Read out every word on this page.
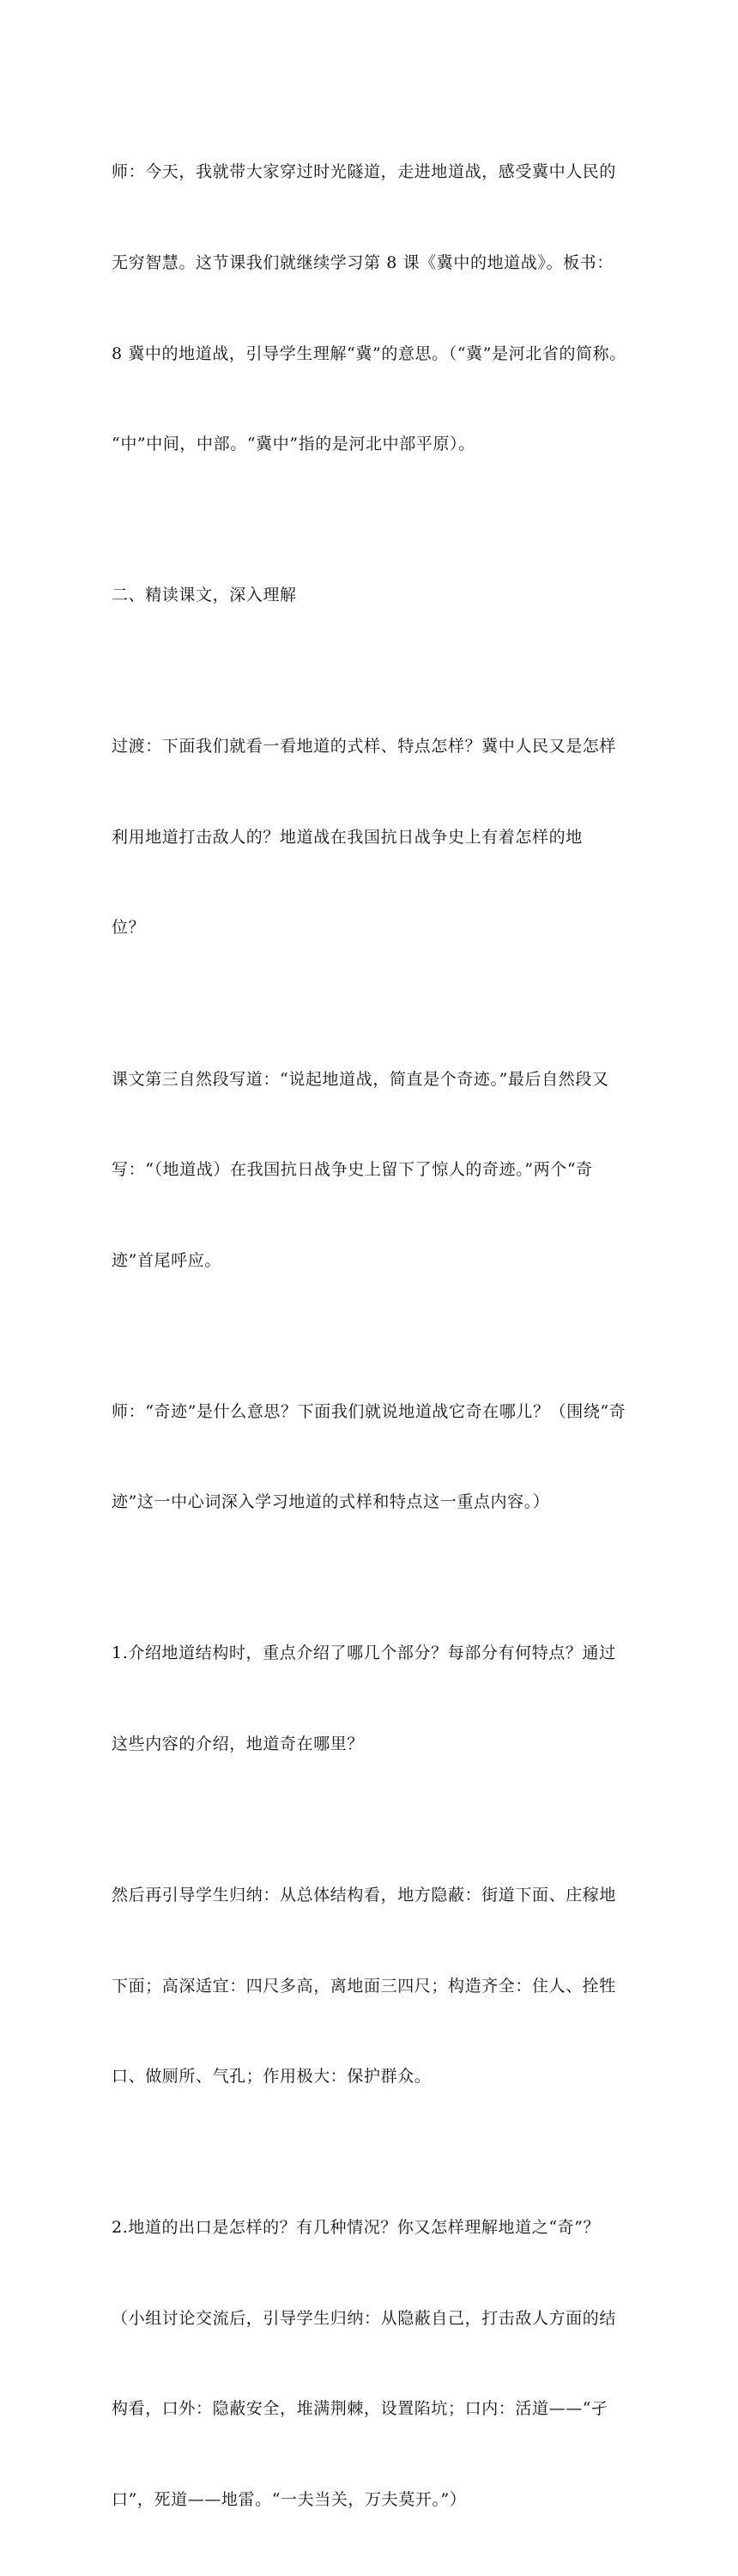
师：今天，我就带大家穿过时光隧道，走进地道战，感受冀中人民的

无穷智慧。这节课我们就继续学习第 8 课《冀中的地道战》。板书：

8 冀中的地道战，引导学生理解“冀”的意思。（“冀”是河北省的简称。

“中”中间，中部。“冀中”指的是河北中部平原）。

二、精读课文，深入理解

过渡：下面我们就看一看地道的式样、特点怎样？冀中人民又是怎样

利用地道打击敌人的？地道战在我国抗日战争史上有着怎样的地

位？

课文第三自然段写道：“说起地道战，简直是个奇迹。”最后自然段又

写：“（地道战）在我国抗日战争史上留下了惊人的奇迹。”两个“奇

迹”首尾呼应。

师：“奇迹”是什么意思？下面我们就说地道战它奇在哪儿？（围绕“奇

迹”这一中心词深入学习地道的式样和特点这一重点内容。）

1.介绍地道结构时，重点介绍了哪几个部分？每部分有何特点？通过

这些内容的介绍，地道奇在哪里？

然后再引导学生归纳：从总体结构看，地方隐蔽：街道下面、庄稼地

下面；高深适宜：四尺多高，离地面三四尺；构造齐全：住人、拴牲

口、做厕所、气孔；作用极大：保护群众。

2.地道的出口是怎样的？有几种情况？你又怎样理解地道之“奇”？

（小组讨论交流后，引导学生归纳：从隐蔽自己，打击敌人方面的结

构看，口外：隐蔽安全，堆满荆棘，设置陷坑；口内：活道——“孑

口”，死道——地雷。“一夫当关，万夫莫开。”）
